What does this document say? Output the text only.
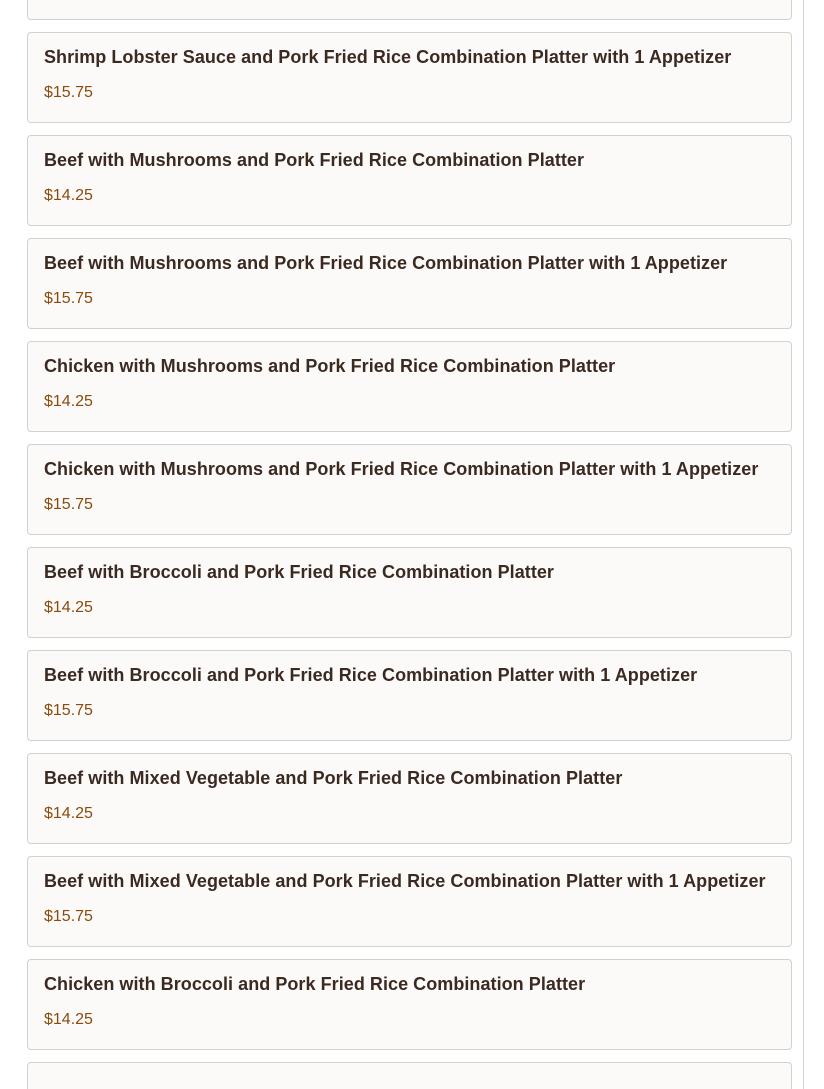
Shrimp Lobster Sauce and Pork Fried Rice Combination Platter with 1 Appetizer
$15.75
Beef with Mushrooms and Pork Fried Rice Combination Platter
$14.25
Beef with Mushrooms and Pork Fried Rice Combination Platter with 1 Appetizer
$15.75
Chicken with Mushrooms and Pork Fried Rice Combination Platter
$14.25
Chicken with Mushrooms and Pork Fried Rice Combination Platter with 1 Appetizer
$15.75
Beef with Broccoli and Pork Fried Rice Combination Platter
$14.25
Beef with Broccoli and Pork Fried Rice Combination Platter with 1 Appetizer
$15.75
Beef with Mixed Vegetable and Pork Fried Rice Combination Platter
$14.25
Beef with Mixed Vegetable and Pork Fried Rice Combination Platter with 1 Appetizer
$15.75
Chicken with Broccoli and Pork Fried Rice Combination Platter
$14.25
